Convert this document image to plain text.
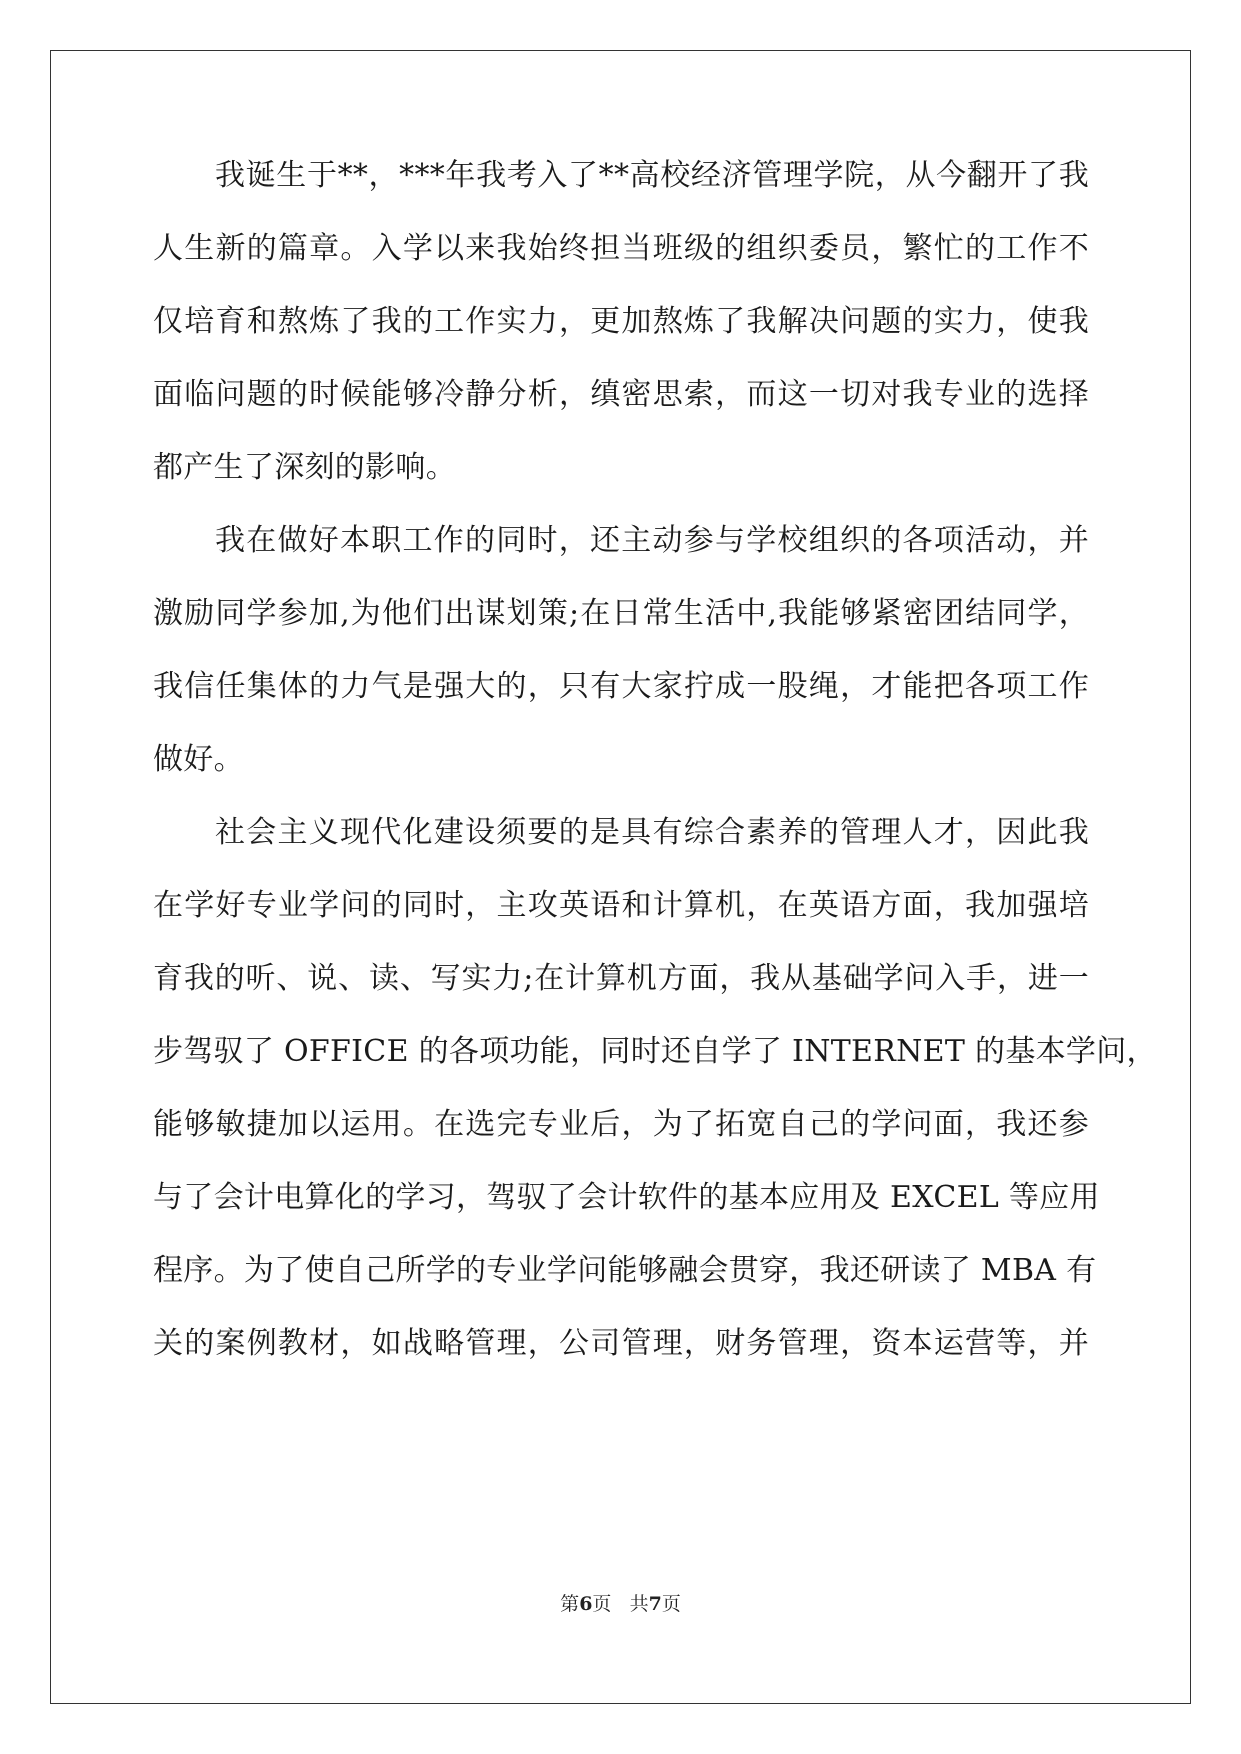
我诞生于**，***年我考入了**高校经济管理学院，从今翻开了我
人生新的篇章。入学以来我始终担当班级的组织委员，繁忙的工作不
仅培育和熬炼了我的工作实力，更加熬炼了我解决问题的实力，使我
面临问题的时候能够冷静分析，缜密思索，而这一切对我专业的选择
都产生了深刻的影响。
我在做好本职工作的同时，还主动参与学校组织的各项活动，并
激励同学参加,为他们出谋划策;在日常生活中,我能够紧密团结同学，
我信任集体的力气是强大的，只有大家拧成一股绳，才能把各项工作
做好。
社会主义现代化建设须要的是具有综合素养的管理人才，因此我
在学好专业学问的同时，主攻英语和计算机，在英语方面，我加强培
育我的听、说、读、写实力;在计算机方面，我从基础学问入手，进一
步驾驭了 OFFICE 的各项功能，同时还自学了 INTERNET 的基本学问，
能够敏捷加以运用。在选完专业后，为了拓宽自己的学问面，我还参
与了会计电算化的学习，驾驭了会计软件的基本应用及 EXCEL 等应用
程序。为了使自己所学的专业学问能够融会贯穿，我还研读了 MBA 有
关的案例教材，如战略管理，公司管理，财务管理，资本运营等，并
第6页 共7页
